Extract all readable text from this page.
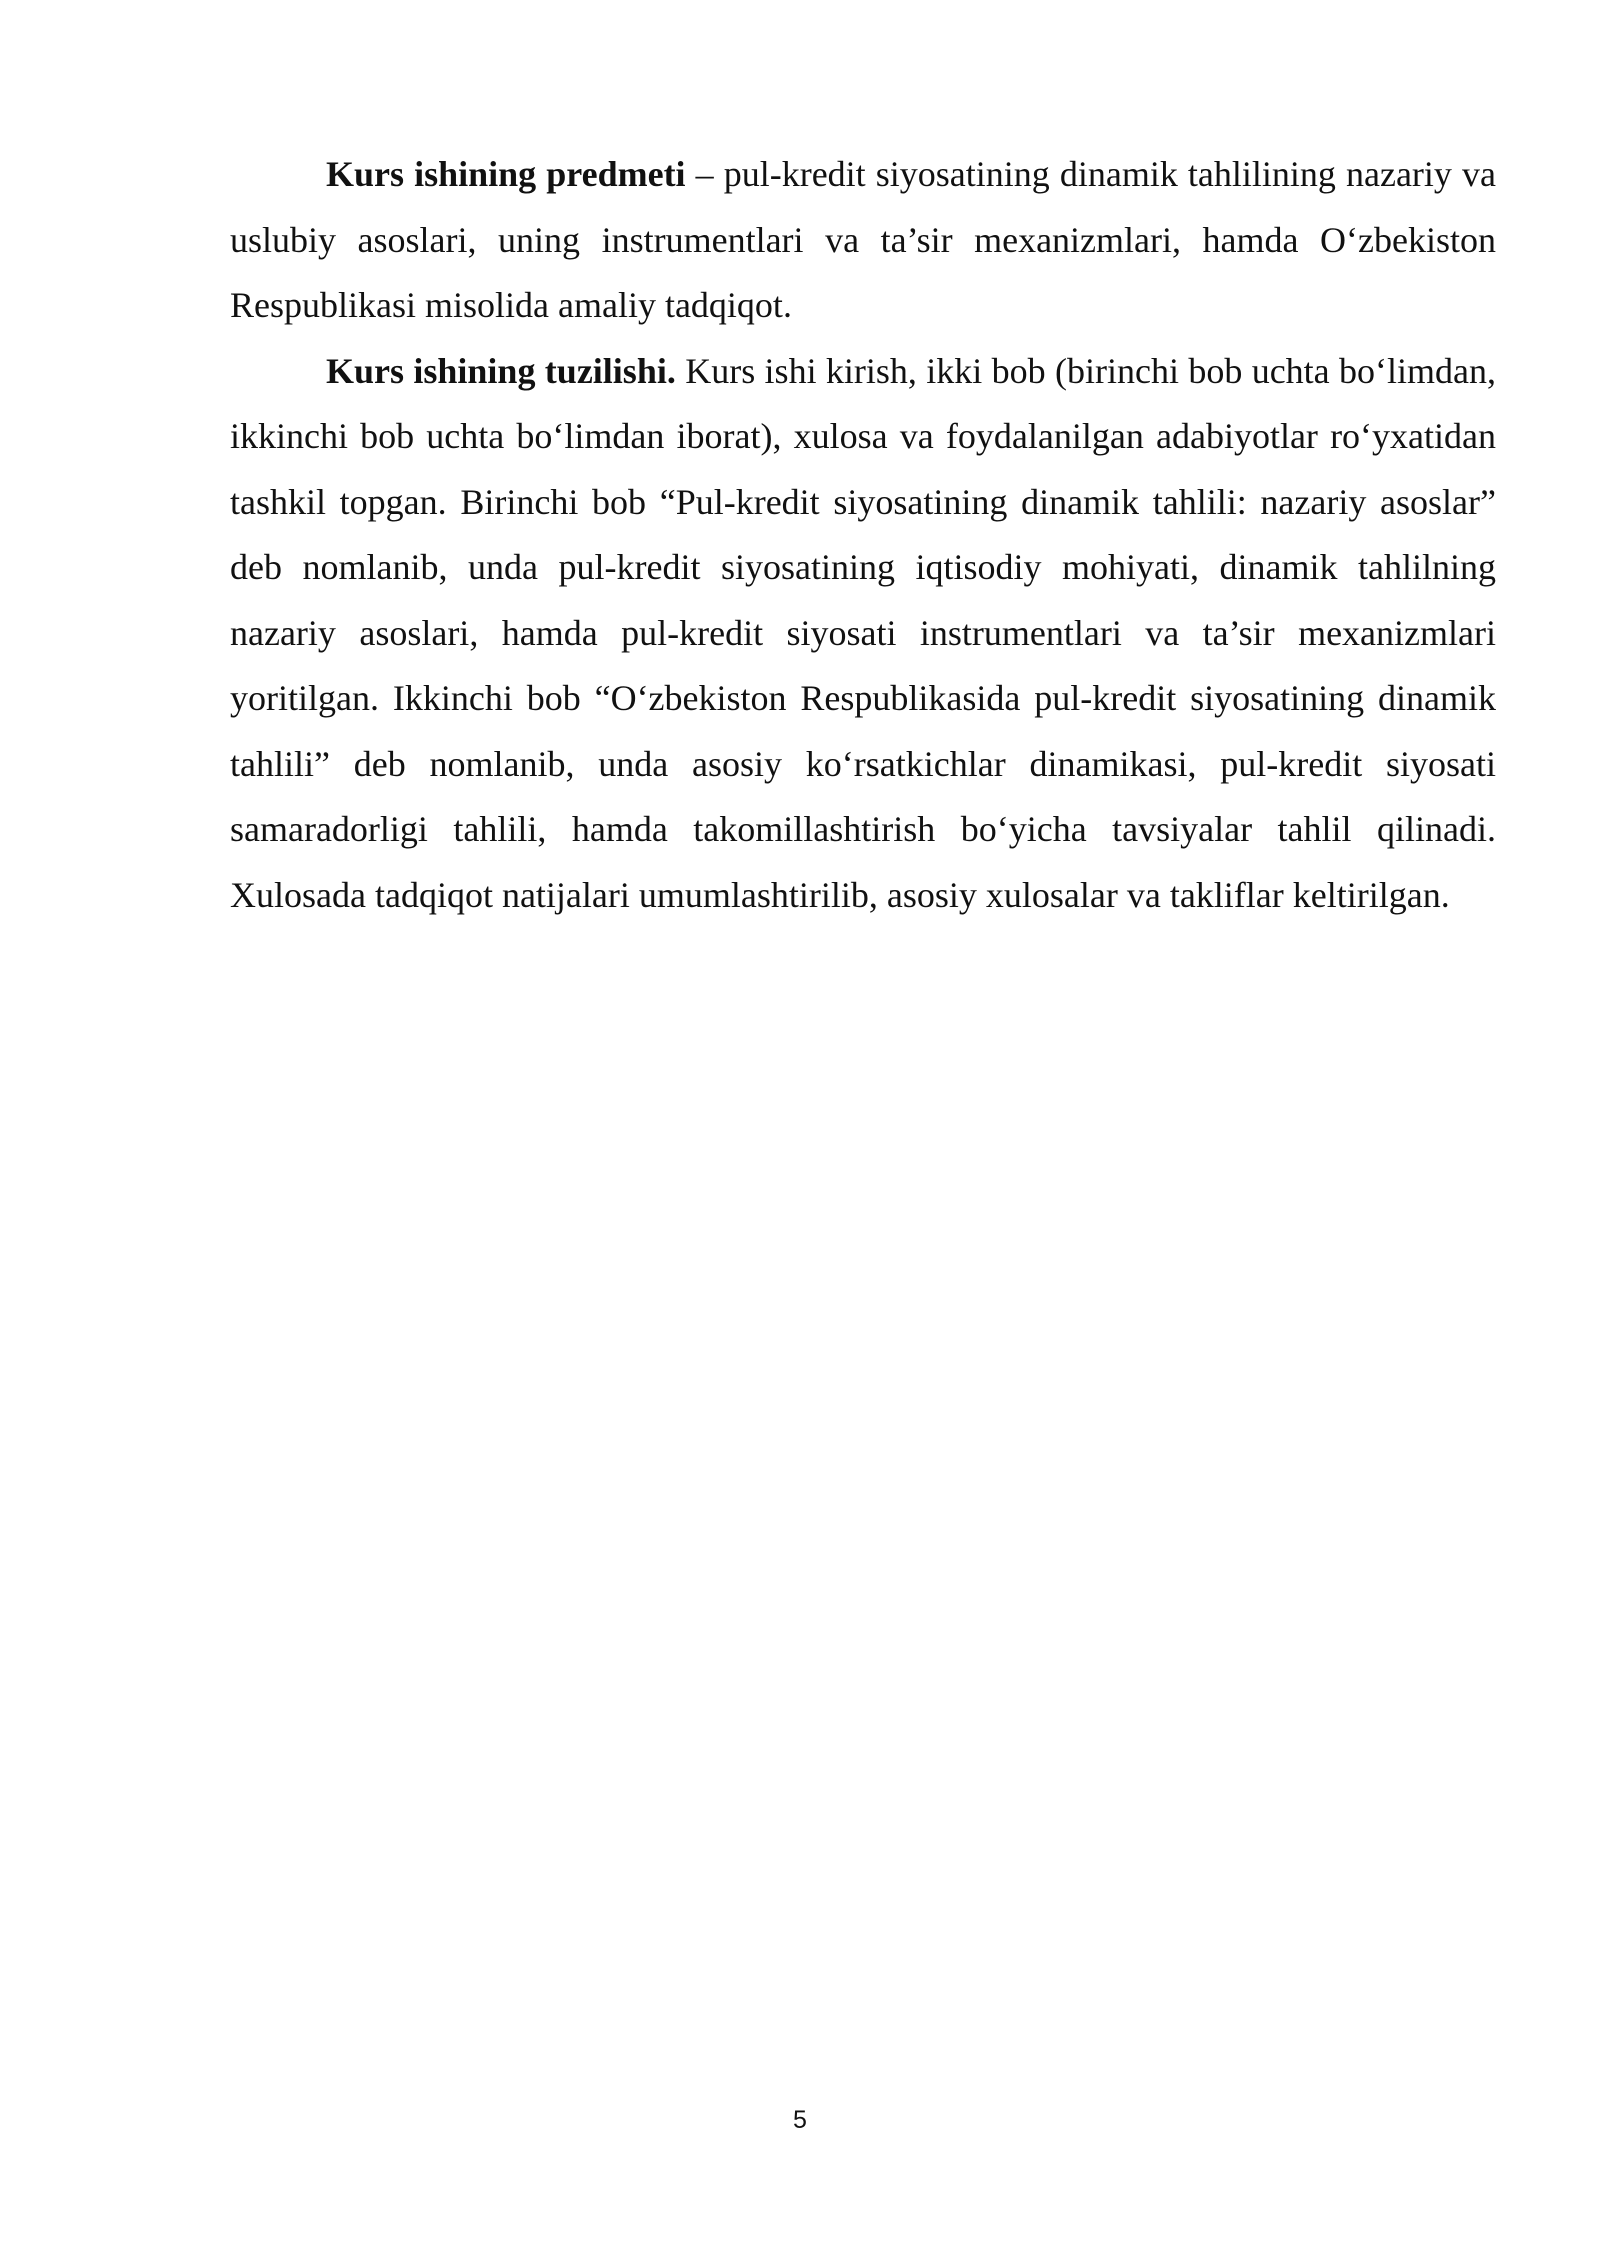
Kurs ishining predmeti – pul-kredit siyosatining dinamik tahlilining nazariy va uslubiy asoslari, uning instrumentlari va ta’sir mexanizmlari, hamda O‘zbekiston Respublikasi misolida amaliy tadqiqot.

Kurs ishining tuzilishi. Kurs ishi kirish, ikki bob (birinchi bob uchta bo‘limdan, ikkinchi bob uchta bo‘limdan iborat), xulosa va foydalanilgan adabiyotlar ro‘yxatidan tashkil topgan. Birinchi bob “Pul-kredit siyosatining dinamik tahlili: nazariy asoslar” deb nomlanib, unda pul-kredit siyosatining iqtisodiy mohiyati, dinamik tahlilning nazariy asoslari, hamda pul-kredit siyosati instrumentlari va ta’sir mexanizmlari yoritilgan. Ikkinchi bob “O‘zbekiston Respublikasida pul-kredit siyosatining dinamik tahlili” deb nomlanib, unda asosiy ko‘rsatkichlar dinamikasi, pul-kredit siyosati samaradorligi tahlili, hamda takomillashtirish bo‘yicha tavsiyalar tahlil qilinadi. Xulosada tadqiqot natijalari umumlashtirilib, asosiy xulosalar va takliflar keltirilgan.

5
